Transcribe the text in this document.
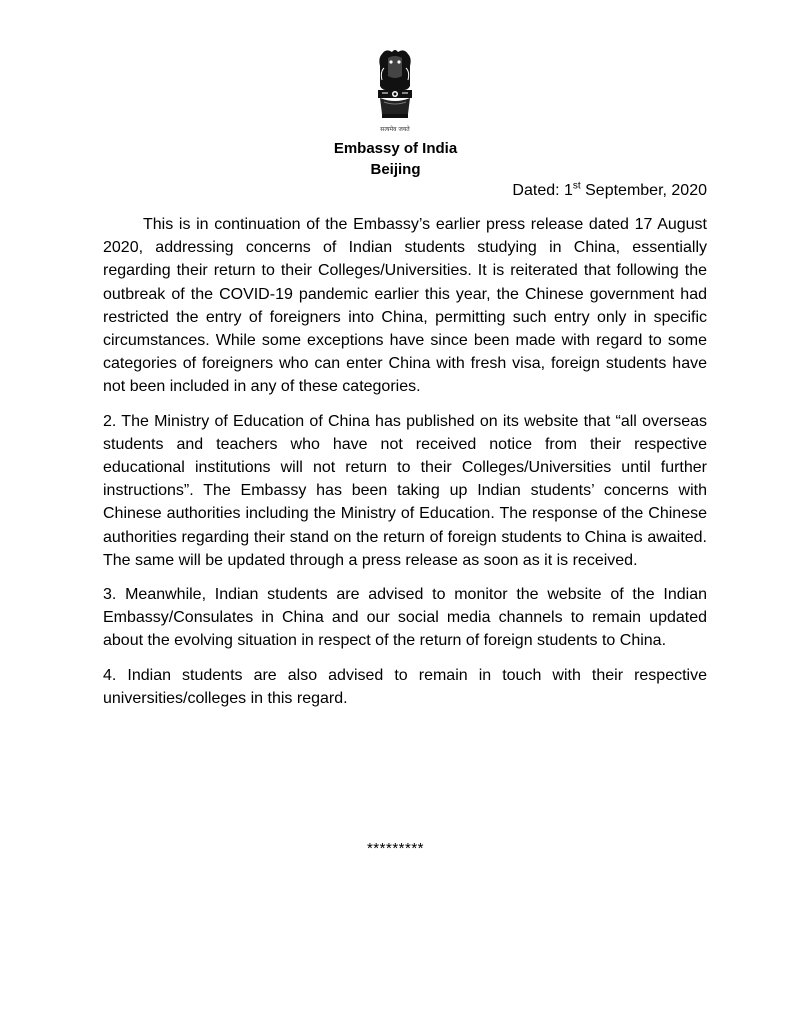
सत्यमेव जयते
Embassy of India
Beijing
Dated: 1st September, 2020

This is in continuation of the Embassy’s earlier press release dated 17 August 2020, addressing concerns of Indian students studying in China, essentially regarding their return to their Colleges/Universities. It is reiterated that following the outbreak of the COVID-19 pandemic earlier this year, the Chinese government had restricted the entry of foreigners into China, permitting such entry only in specific circumstances. While some exceptions have since been made with regard to some categories of foreigners who can enter China with fresh visa, foreign students have not been included in any of these categories.

2. The Ministry of Education of China has published on its website that “all overseas students and teachers who have not received notice from their respective educational institutions will not return to their Colleges/Universities until further instructions”. The Embassy has been taking up Indian students’ concerns with Chinese authorities including the Ministry of Education. The response of the Chinese authorities regarding their stand on the return of foreign students to China is awaited. The same will be updated through a press release as soon as it is received.

3. Meanwhile, Indian students are advised to monitor the website of the Indian Embassy/Consulates in China and our social media channels to remain updated about the evolving situation in respect of the return of foreign students to China.

4. Indian students are also advised to remain in touch with their respective universities/colleges in this regard.

*********
